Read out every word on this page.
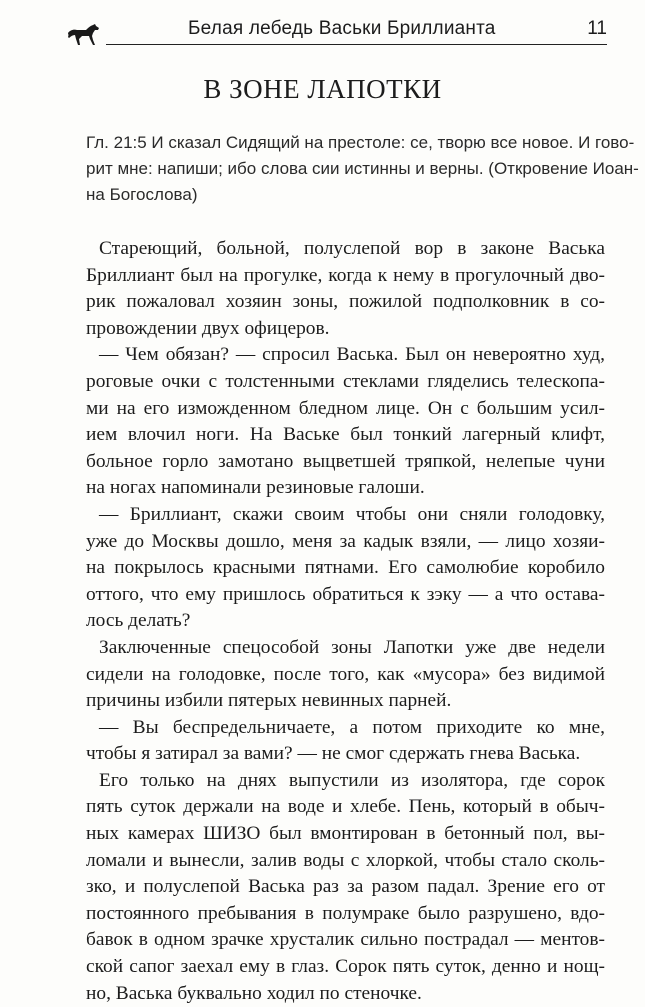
Белая лебедь Васьки Бриллианта	11
В ЗОНЕ ЛАПОТКИ
Гл. 21:5 И сказал Сидящий на престоле: се, творю все новое. И гово-
рит мне: напиши; ибо слова сии истинны и верны. (Откровение Иоан-
на Богослова)
Стареющий, больной, полуслепой вор в законе Васька
Бриллиант был на прогулке, когда к нему в прогулочный дво-
рик пожаловал хозяин зоны, пожилой подполковник в со-
провождении двух офицеров.
— Чем обязан? — спросил Васька. Был он невероятно худ,
роговые очки с толстенными стеклами гляделись телескопа-
ми на его изможденном бледном лице. Он с большим усил-
ием влочил ноги. На Ваське был тонкий лагерный клифт,
больное горло замотано выцветшей тряпкой, нелепые чуни
на ногах напоминали резиновые галоши.
— Бриллиант, скажи своим чтобы они сняли голодовку,
уже до Москвы дошло, меня за кадык взяли, — лицо хозяи-
на покрылось красными пятнами. Его самолюбие коробило
оттого, что ему пришлось обратиться к зэку — а что остава-
лось делать?
Заключенные спецособой зоны Лапотки уже две недели
сидели на голодовке, после того, как «мусора» без видимой
причины избили пятерых невинных парней.
— Вы беспредельничаете, а потом приходите ко мне,
чтобы я затирал за вами? — не смог сдержать гнева Васька.
Его только на днях выпустили из изолятора, где сорок
пять суток держали на воде и хлебе. Пень, который в обыч-
ных камерах ШИЗО был вмонтирован в бетонный пол, вы-
ломали и вынесли, залив воды с хлоркой, чтобы стало сколь-
зко, и полуслепой Васька раз за разом падал. Зрение его от
постоянного пребывания в полумраке было разрушено, вдо-
бавок в одном зрачке хрусталик сильно пострадал — ментов-
ской сапог заехал ему в глаз. Сорок пять суток, денно и нощ-
но, Васька буквально ходил по стеночке.
